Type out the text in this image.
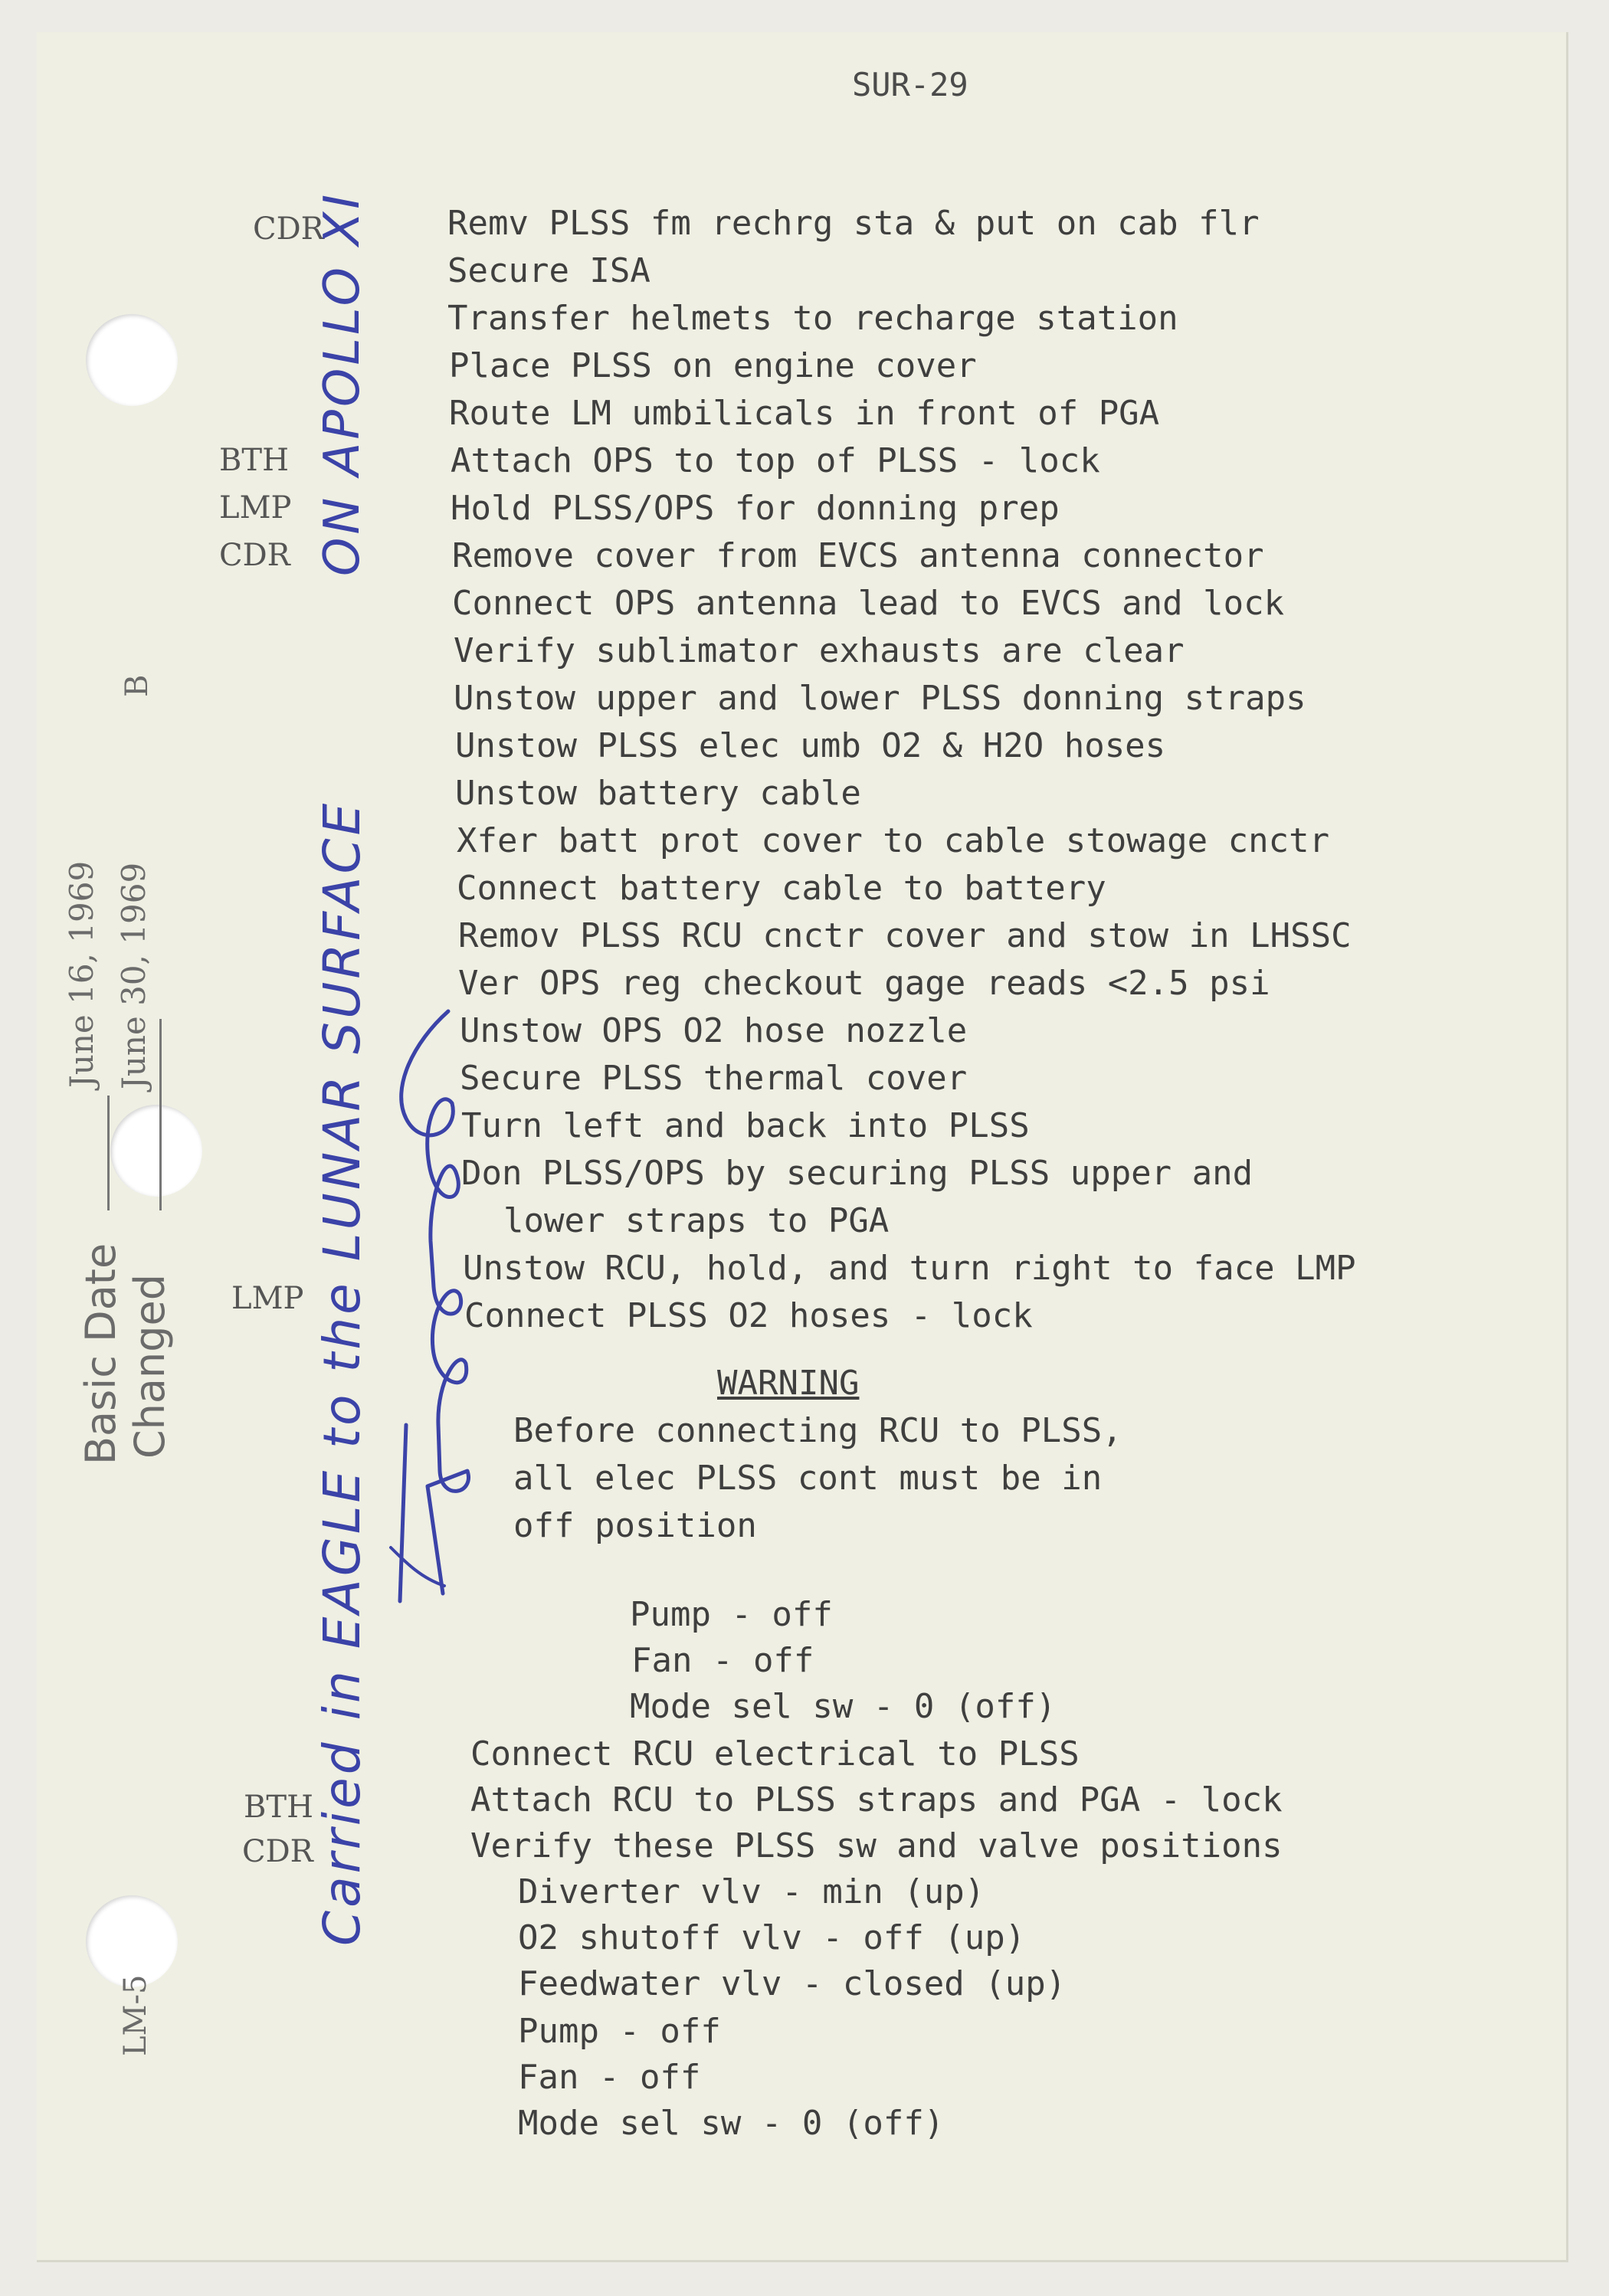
SUR-29
CDR
BTH
LMP
CDR
LMP
BTH
CDR
Remv PLSS fm rechrg sta & put on cab flr
Secure ISA
Transfer helmets to recharge station
Place PLSS on engine cover
Route LM umbilicals in front of PGA
Attach OPS to top of PLSS - lock
Hold PLSS/OPS for donning prep
Remove cover from EVCS antenna connector
Connect OPS antenna lead to EVCS and lock
Verify sublimator exhausts are clear
Unstow upper and lower PLSS donning straps
Unstow PLSS elec umb O2 & H2O hoses
Unstow battery cable
Xfer batt prot cover to cable stowage cnctr
Connect battery cable to battery
Remov PLSS RCU cnctr cover and stow in LHSSC
Ver OPS reg checkout gage reads <2.5 psi
Unstow OPS O2 hose nozzle
Secure PLSS thermal cover
Turn left and back into PLSS
Don PLSS/OPS by securing PLSS upper and
lower straps to PGA
Unstow RCU, hold, and turn right to face LMP
Connect PLSS O2 hoses - lock
WARNING
Before connecting RCU to PLSS,
all elec PLSS cont must be in
off position
Pump - off
Fan - off
Mode sel sw - 0 (off)
Connect RCU electrical to PLSS
Attach RCU to PLSS straps and PGA - lock
Verify these PLSS sw and valve positions
Diverter vlv - min (up)
O2 shutoff vlv - off (up)
Feedwater vlv - closed (up)
Pump - off
Fan - off
Mode sel sw - 0 (off)
Basic Date Changed
June 16, 1969 June 30, 1969
B
LM-5
Carried in EAGLE to the LUNAR SURFACE
ON APOLLO XI
